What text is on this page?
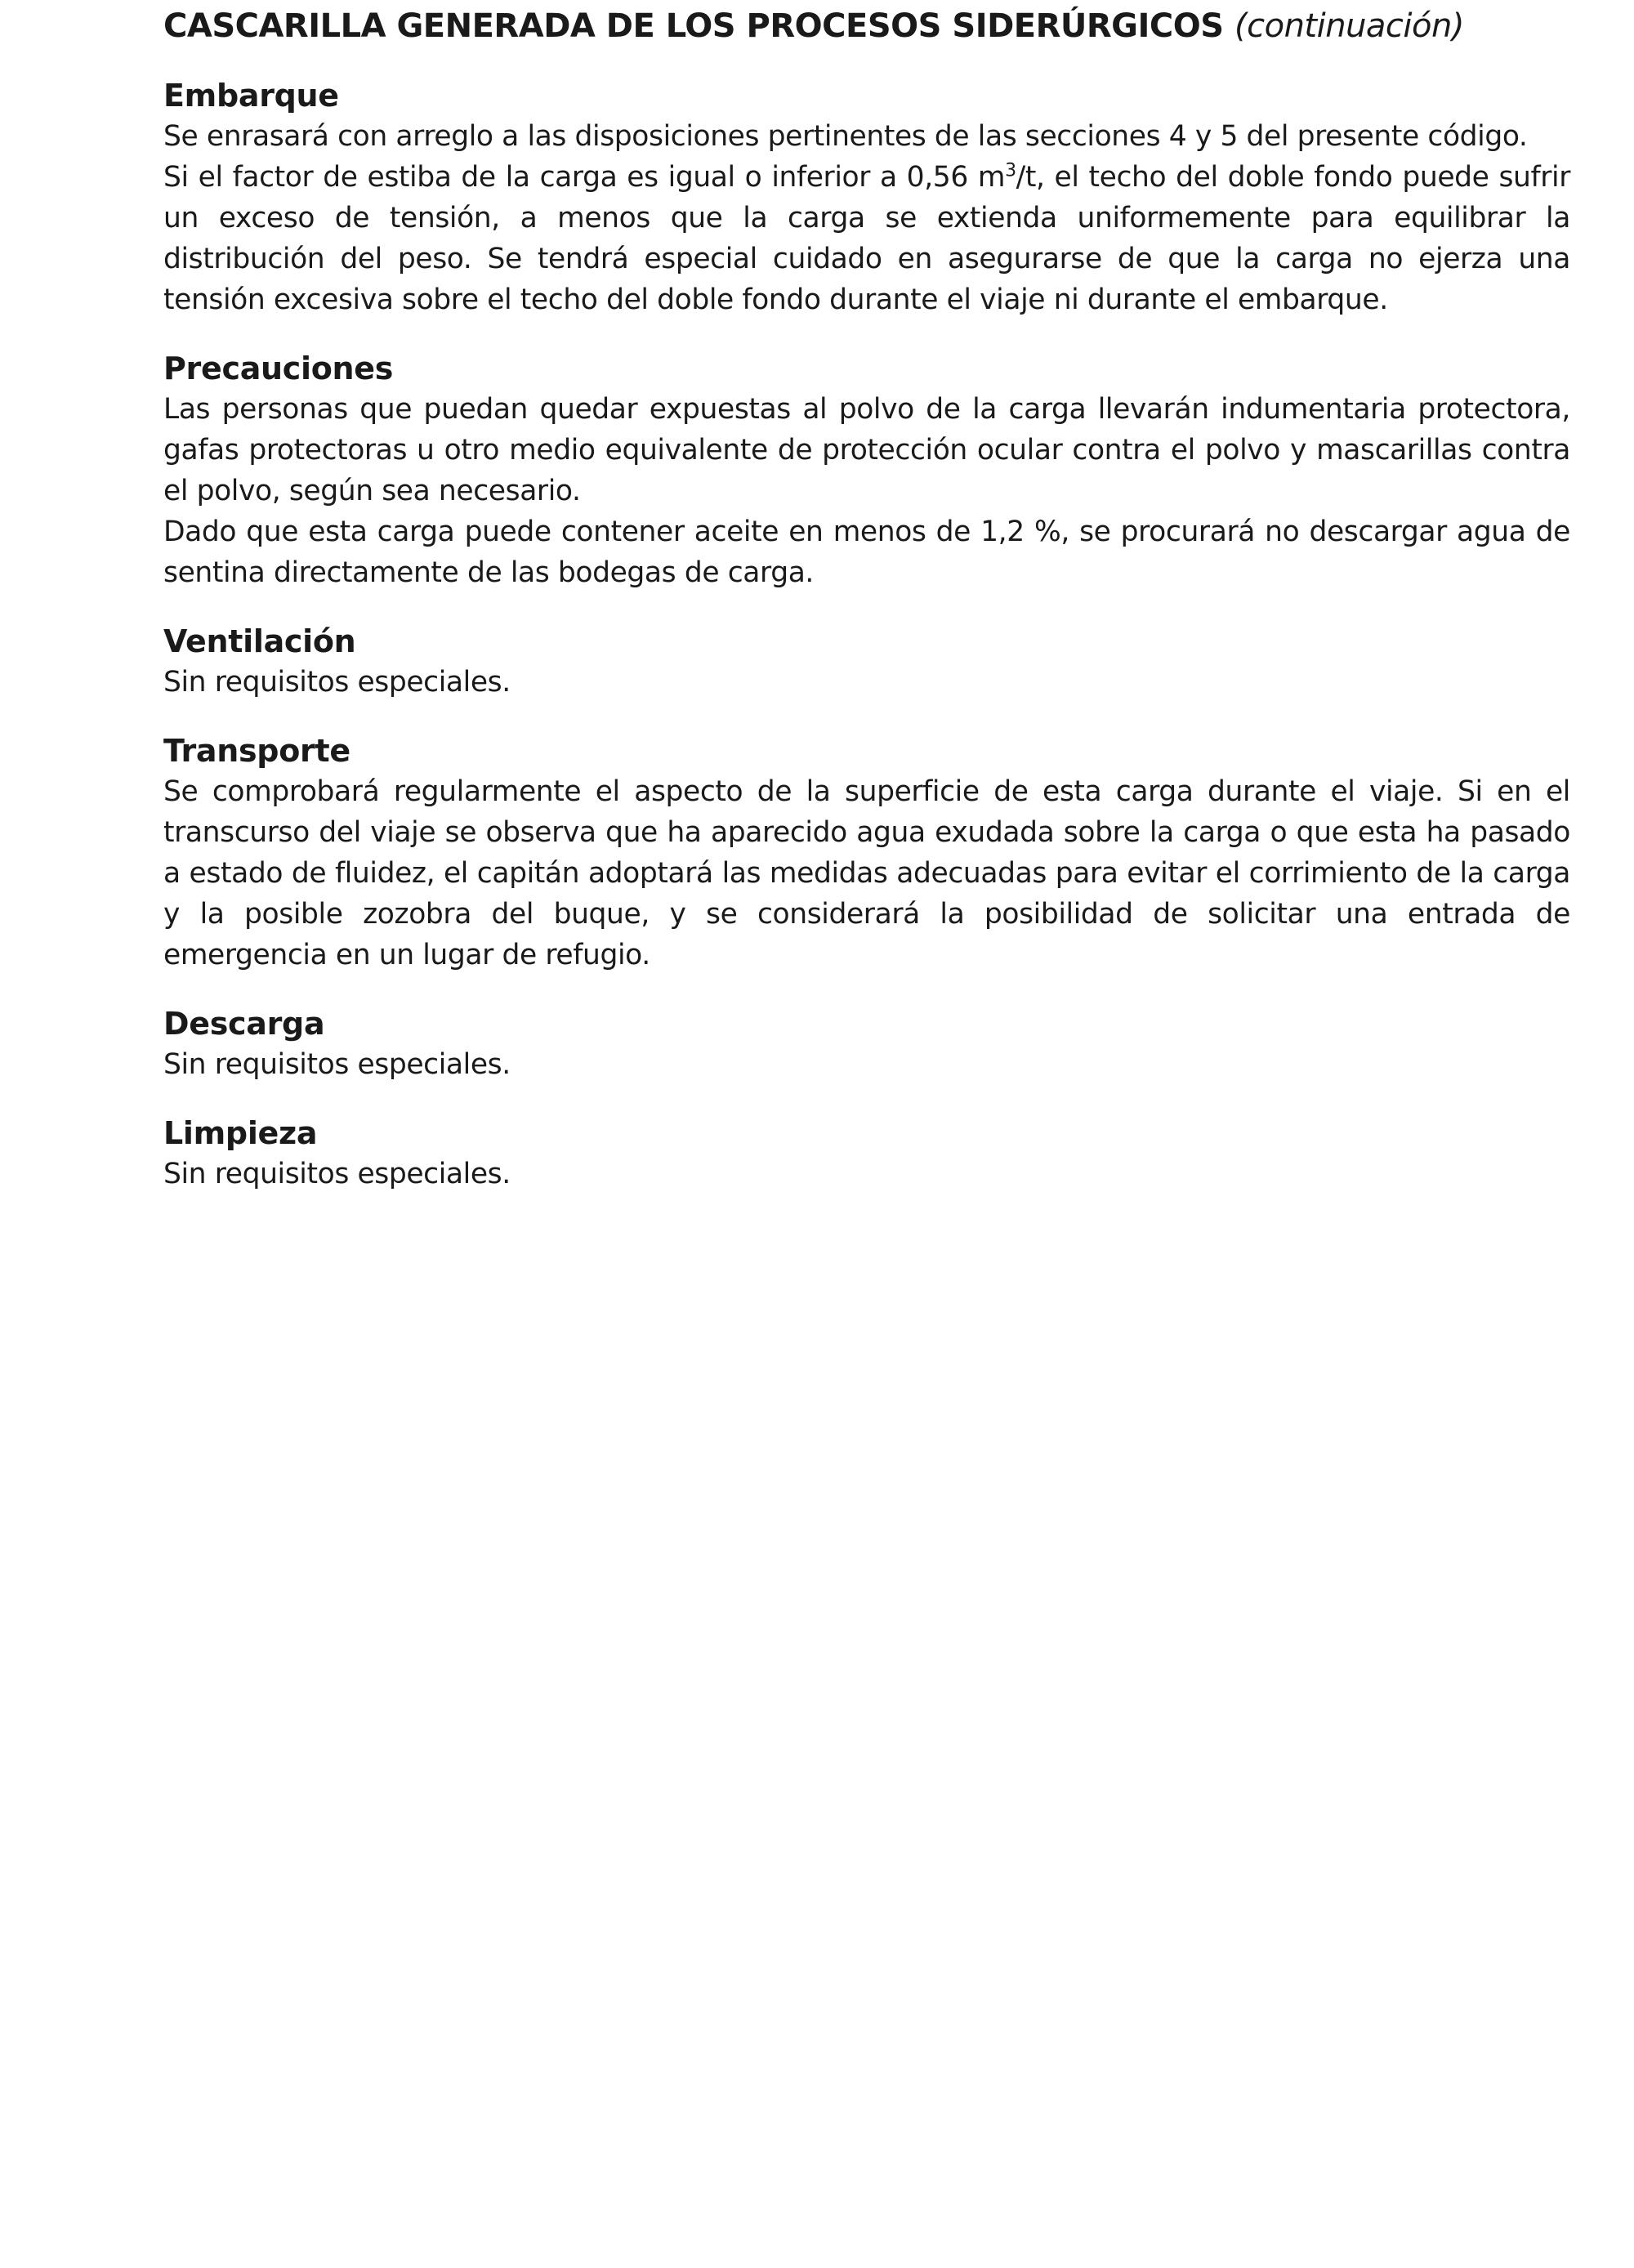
CASCARILLA GENERADA DE LOS PROCESOS SIDERÚRGICOS (continuación)
Embarque

Se enrasará con arreglo a las disposiciones pertinentes de las secciones 4 y 5 del presente código.

Si el factor de estiba de la carga es igual o inferior a 0,56 $m^3/t$, el techo del doble fondo puede sufrir un exceso de tensión, a menos que la carga se extienda uniformemente para equilibrar la distribución del peso. Se tendrá especial cuidado en asegurarse de que la carga no ejerza una tensión excesiva sobre el techo del doble fondo durante el viaje ni durante el embarque.

Precauciones

Las personas que puedan quedar expuestas al polvo de la carga llevarán indumentaria protectora, gafas protectoras u otro medio equivalente de protección ocular contra el polvo y mascarillas contra el polvo, según sea necesario.

Dado que esta carga puede contener aceite en menos de 1,2 %, se procurará no descargar agua de sentina directamente de las bodegas de carga.

Ventilación

Sin requisitos especiales.

Transporte

Se comprobará regularmente el aspecto de la superficie de esta carga durante el viaje. Si en el transcurso del viaje se observa que ha aparecido agua exudada sobre la carga o que esta ha pasado a estado de fluidez, el capitán adoptará las medidas adecuadas para evitar el corrimiento de la carga y la posible zozobra del buque, y se considerará la posibilidad de solicitar una entrada de emergencia en un lugar de refugio.

Descarga

Sin requisitos especiales.

Limpieza

Sin requisitos especiales.
